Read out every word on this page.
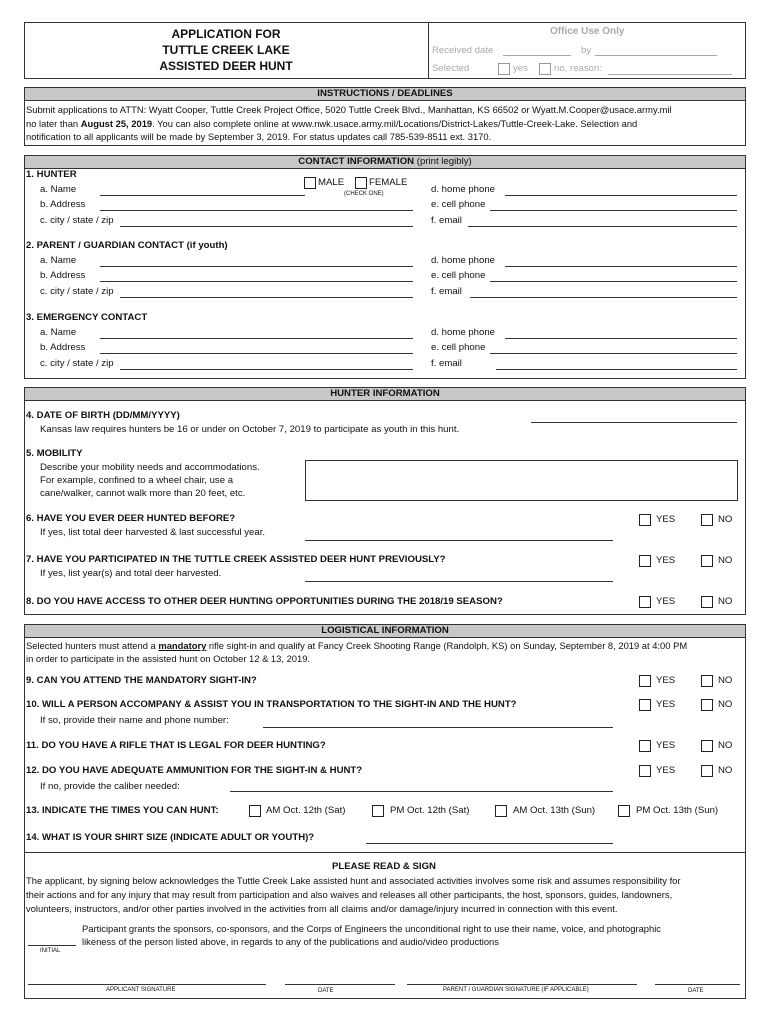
APPLICATION FOR
TUTTLE CREEK LAKE
ASSISTED DEER HUNT
Office Use Only
Received date	by
Selected	yes	no, reason:
INSTRUCTIONS / DEADLINES
Submit applications to ATTN: Wyatt Cooper, Tuttle Creek Project Office, 5020 Tuttle Creek Blvd., Manhattan, KS 66502 or Wyatt.M.Cooper@usace.army.mil
no later than August 25, 2019. You can also complete online at www.nwk.usace.army.mil/Locations/District-Lakes/Tuttle-Creek-Lake. Selection and
notification to all applicants will be made by September 3, 2019. For status updates call 785-539-8511 ext. 3170.
CONTACT INFORMATION (print legibly)
1. HUNTER
MALE	FEMALE
(CHECK ONE)
a. Name
b. Address
c. city / state / zip
d. home phone
e. cell phone
f. email
2. PARENT / GUARDIAN CONTACT (if youth)
a. Name
b. Address
c. city / state / zip
d. home phone
e. cell phone
f. email
3. EMERGENCY CONTACT
a. Name
b. Address
c. city / state / zip
d. home phone
e. cell phone
f. email
HUNTER INFORMATION
4. DATE OF BIRTH (DD/MM/YYYY)
Kansas law requires hunters be 16 or under on October 7, 2019 to participate as youth in this hunt.
5. MOBILITY
Describe your mobility needs and accommodations.
For example, confined to a wheel chair, use a
cane/walker, cannot walk more than 20 feet, etc.
6. HAVE YOU EVER DEER HUNTED BEFORE?
If yes, list total deer harvested & last successful year.
YES	NO
7. HAVE YOU PARTICIPATED IN THE TUTTLE CREEK ASSISTED DEER HUNT PREVIOUSLY?
If yes, list year(s) and total deer harvested.
YES	NO
8. DO YOU HAVE ACCESS TO OTHER DEER HUNTING OPPORTUNITIES DURING THE 2018/19 SEASON?	YES	NO
LOGISTICAL INFORMATION
Selected hunters must attend a mandatory rifle sight-in and qualify at Fancy Creek Shooting Range (Randolph, KS) on Sunday, September 8, 2019 at 4:00 PM
in order to participate in the assisted hunt on October 12 & 13, 2019.
9. CAN YOU ATTEND THE MANDATORY SIGHT-IN?	YES	NO
10. WILL A PERSON ACCOMPANY & ASSIST YOU IN TRANSPORTATION TO THE SIGHT-IN AND THE HUNT?
If so, provide their name and phone number:
YES	NO
11. DO YOU HAVE A RIFLE THAT IS LEGAL FOR DEER HUNTING?	YES	NO
12. DO YOU HAVE ADEQUATE AMMUNITION FOR THE SIGHT-IN & HUNT?
If no, provide the caliber needed:
YES	NO
13. INDICATE THE TIMES YOU CAN HUNT:	AM Oct. 12th (Sat)	PM Oct. 12th (Sat)	AM Oct. 13th (Sun)	PM Oct. 13th (Sun)
14. WHAT IS YOUR SHIRT SIZE (INDICATE ADULT OR YOUTH)?
PLEASE READ & SIGN
The applicant, by signing below acknowledges the Tuttle Creek Lake assisted hunt and associated activities involves some risk and assumes responsibility for
their actions and for any injury that may result from participation and also waives and releases all other participants, the host, sponsors, guides, landowners,
volunteers, instructors, and/or other parties involved in the activities from all claims and/or damage/injury incurred in connection with this event.
Participant grants the sponsors, co-sponsors, and the Corps of Engineers the unconditional right to use their name, voice, and photographic
likeness of the person listed above, in regards to any of the publications and audio/video productions
INITIAL
APPLICANT SIGNATURE	DATE	PARENT / GUARDIAN SIGNATURE (IF APPLICABLE)	DATE
